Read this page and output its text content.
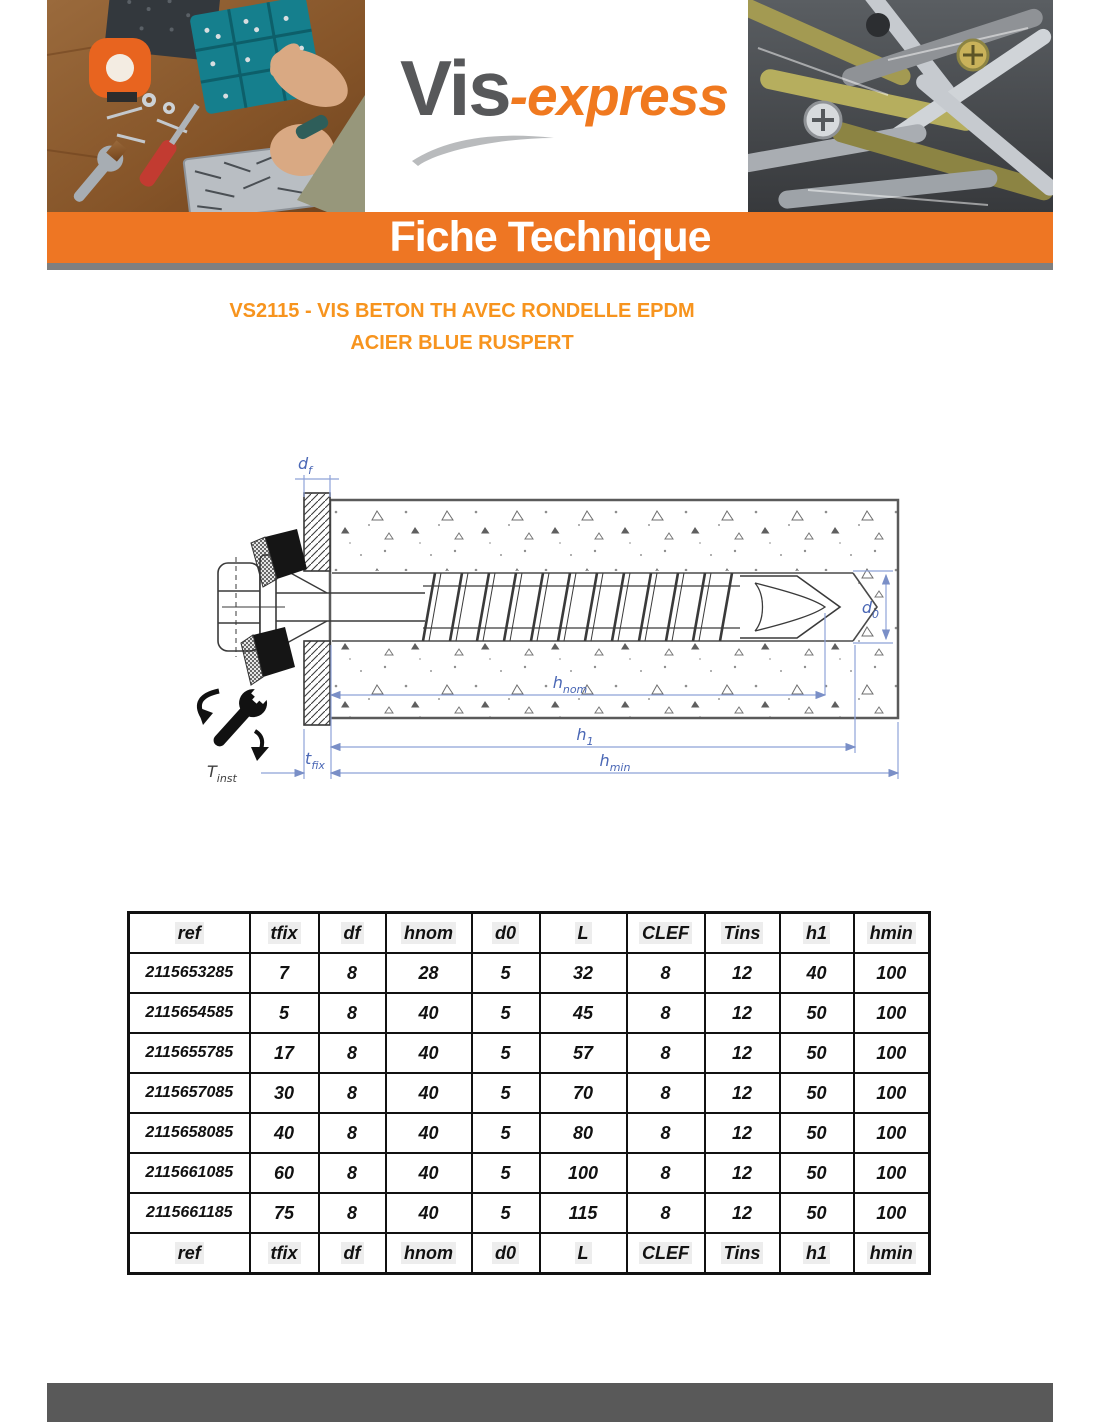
Vis-express
Fiche Technique
VS2115 - VIS BETON TH AVEC RONDELLE EPDM
ACIER BLUE RUSPERT
$d_f$
$d_0$
$h_{nom}$
$h_1$
$h_{min}$
$t_{fix}$
$T_{inst}$
ref	tfix	df	hnom	d0	L	CLEF	Tins	h1	hmin
2115653285	7	8	28	5	32	8	12	40	100
2115654585	5	8	40	5	45	8	12	50	100
2115655785	17	8	40	5	57	8	12	50	100
2115657085	30	8	40	5	70	8	12	50	100
2115658085	40	8	40	5	80	8	12	50	100
2115661085	60	8	40	5	100	8	12	50	100
2115661185	75	8	40	5	115	8	12	50	100
ref	tfix	df	hnom	d0	L	CLEF	Tins	h1	hmin
